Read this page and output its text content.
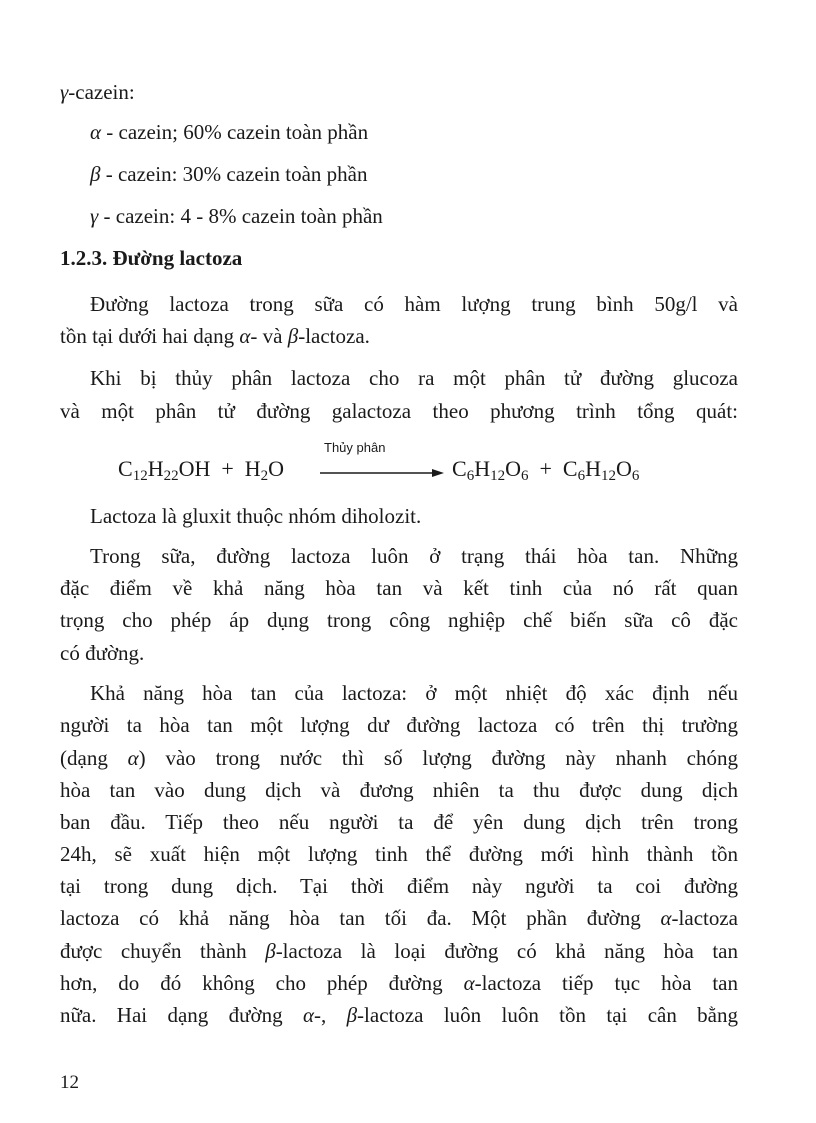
γ-cazein:
α - cazein; 60% cazein toàn phần
β - cazein: 30% cazein toàn phần
γ - cazein: 4 - 8% cazein toàn phần
1.2.3. Đường lactoza
Đường lactoza trong sữa có hàm lượng trung bình 50g/l và
tồn tại dưới hai dạng α- và β-lactoza.
Khi bị thủy phân lactoza cho ra một phân tử đường glucoza
và một phân tử đường galactoza theo phương trình tổng quát:
Thủy phân
$C_{12}H_{22}OH + H_2O$	$C_6H_{12}O_6 + C_6H_{12}O_6$
Lactoza là gluxit thuộc nhóm diholozit.
Trong sữa, đường lactoza luôn ở trạng thái hòa tan. Những
đặc điểm về khả năng hòa tan và kết tinh của nó rất quan
trọng cho phép áp dụng trong công nghiệp chế biến sữa cô đặc
có đường.
Khả năng hòa tan của lactoza: ở một nhiệt độ xác định nếu
người ta hòa tan một lượng dư đường lactoza có trên thị trường
(dạng α) vào trong nước thì số lượng đường này nhanh chóng
hòa tan vào dung dịch và đương nhiên ta thu được dung dịch
ban đầu. Tiếp theo nếu người ta để yên dung dịch trên trong
24h, sẽ xuất hiện một lượng tinh thể đường mới hình thành tồn
tại trong dung dịch. Tại thời điểm này người ta coi đường
lactoza có khả năng hòa tan tối đa. Một phần đường α-lactoza
được chuyển thành β-lactoza là loại đường có khả năng hòa tan
hơn, do đó không cho phép đường α-lactoza tiếp tục hòa tan
nữa. Hai dạng đường α-, β-lactoza luôn luôn tồn tại cân bằng
12
